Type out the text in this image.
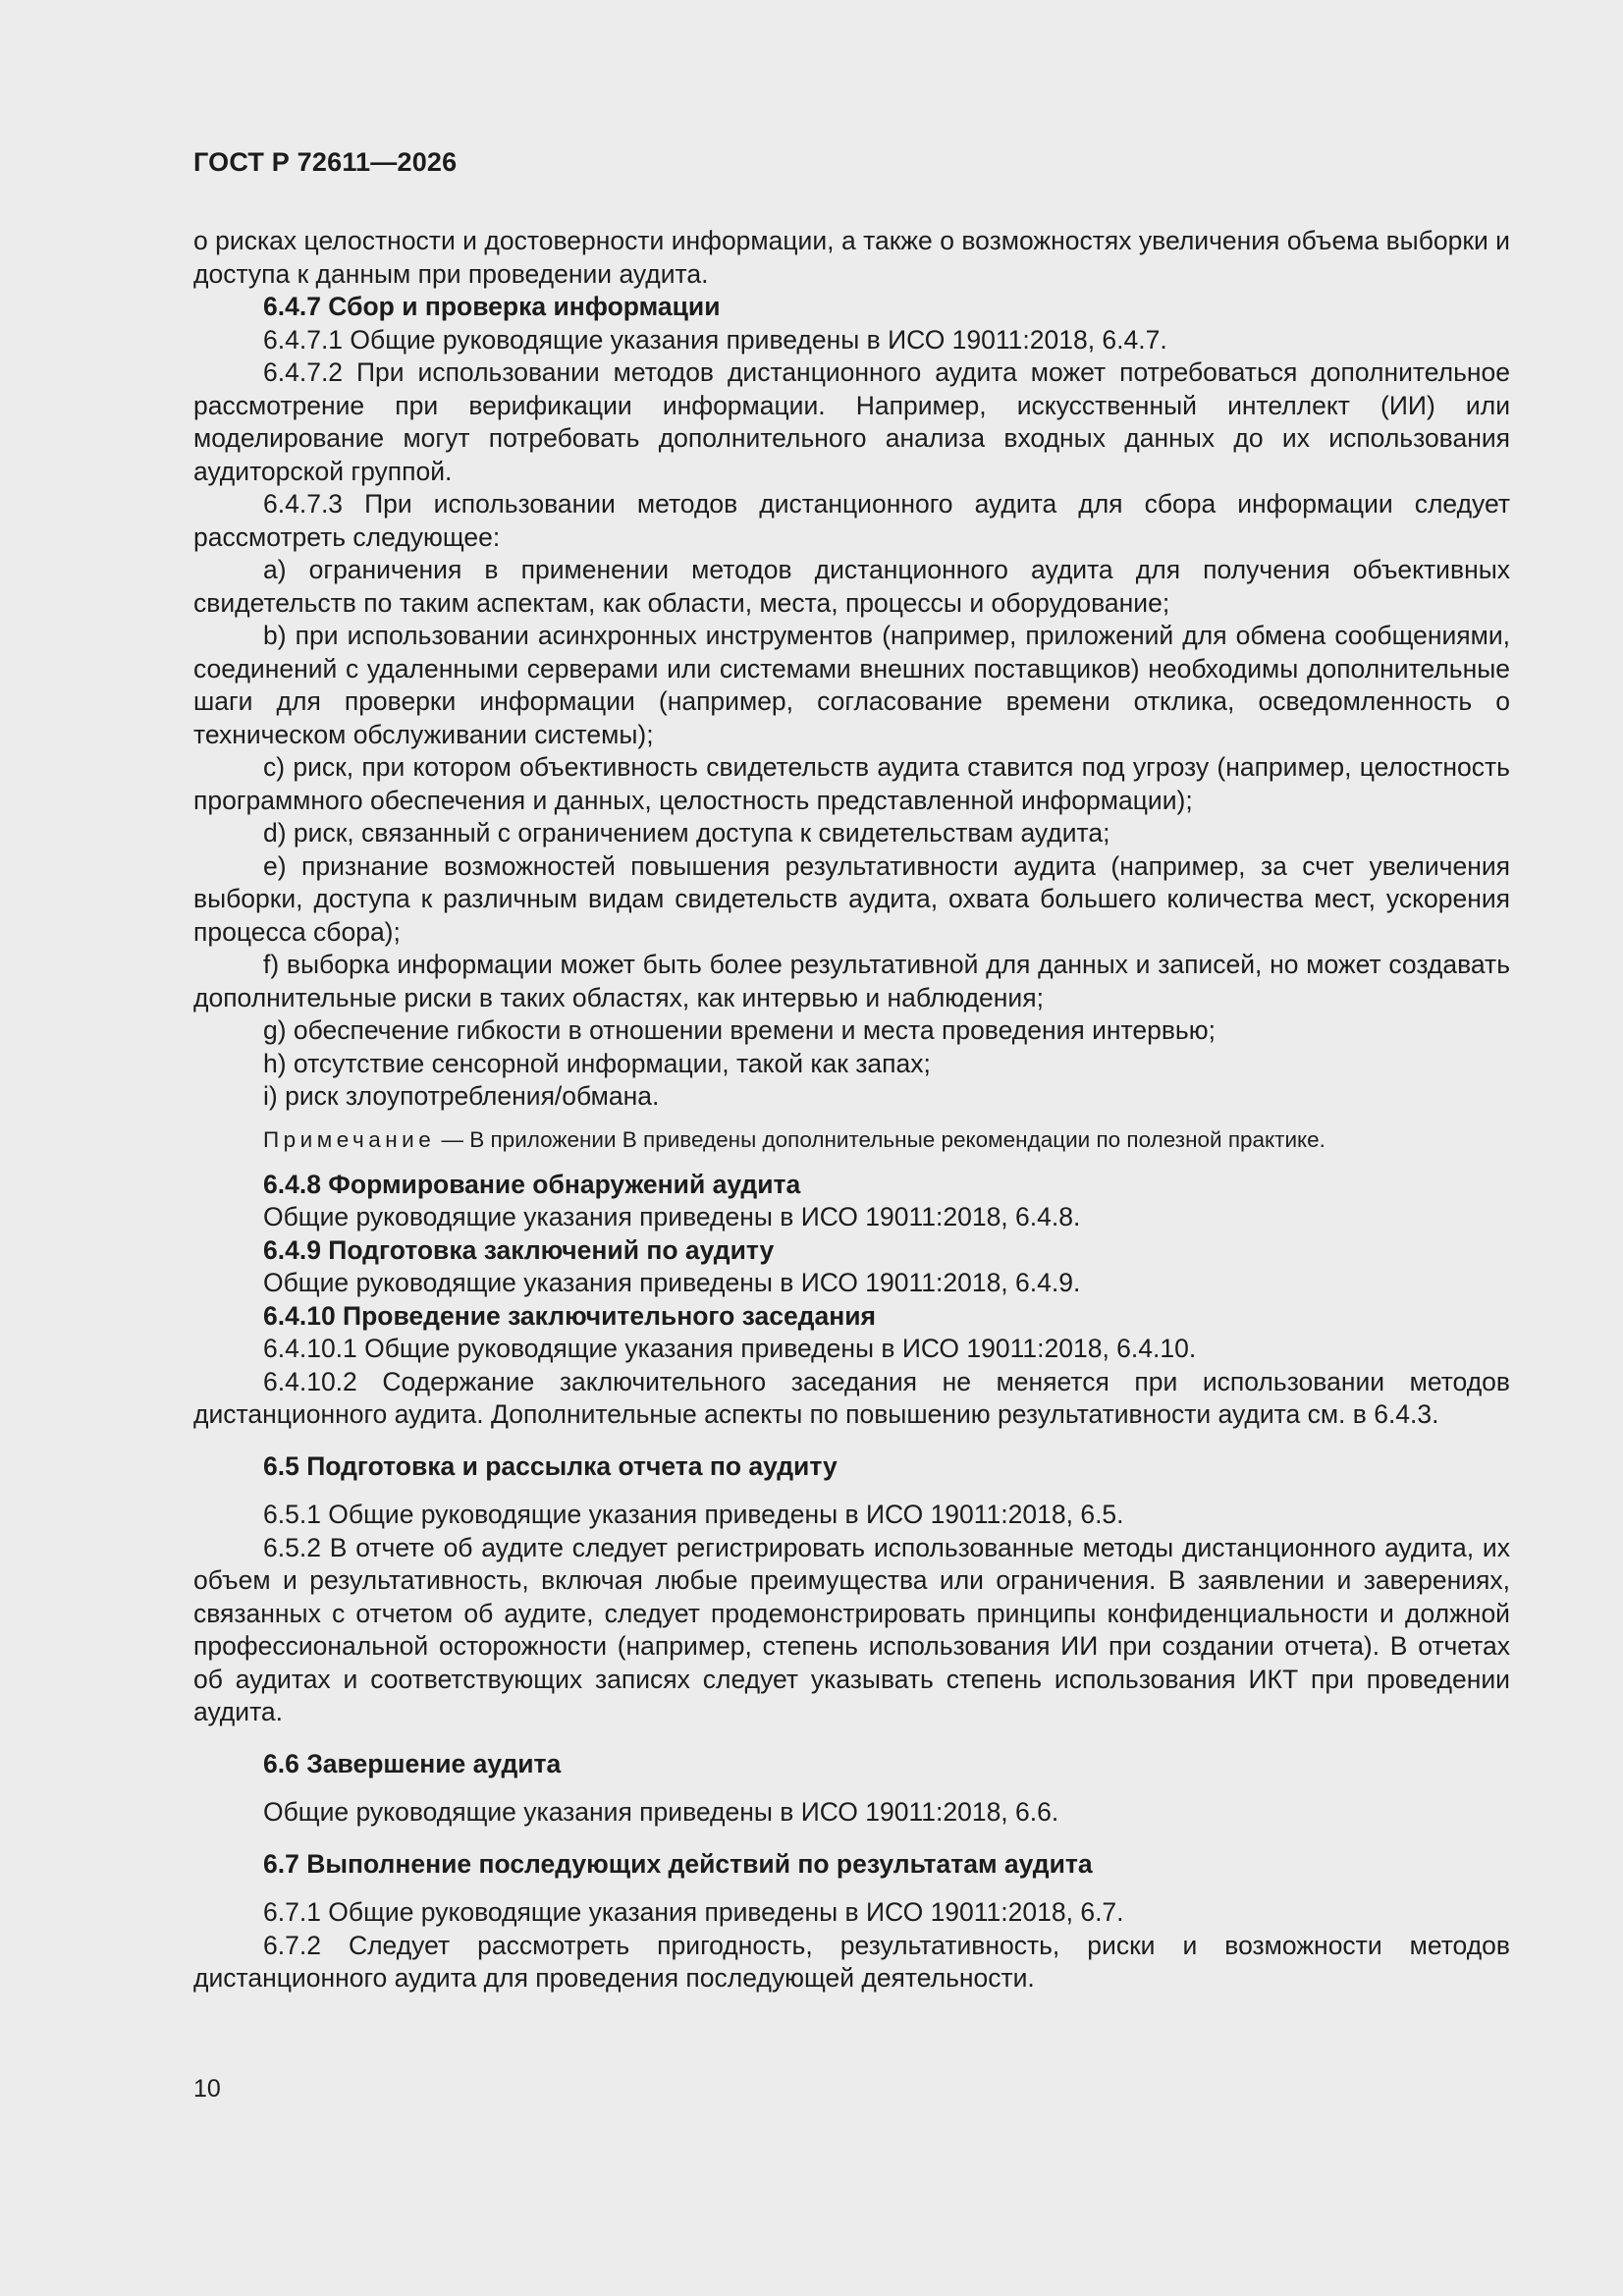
ГОСТ Р 72611—2026

о рисках целостности и достоверности информации, а также о возможностях увеличения объема выборки и доступа к данным при проведении аудита.

6.4.7 Сбор и проверка информации

6.4.7.1 Общие руководящие указания приведены в ИСО 19011:2018, 6.4.7.

6.4.7.2 При использовании методов дистанционного аудита может потребоваться дополнительное рассмотрение при верификации информации. Например, искусственный интеллект (ИИ) или моделирование могут потребовать дополнительного анализа входных данных до их использования аудиторской группой.

6.4.7.3 При использовании методов дистанционного аудита для сбора информации следует рассмотреть следующее:

a) ограничения в применении методов дистанционного аудита для получения объективных свидетельств по таким аспектам, как области, места, процессы и оборудование;

b) при использовании асинхронных инструментов (например, приложений для обмена сообщениями, соединений с удаленными серверами или системами внешних поставщиков) необходимы дополнительные шаги для проверки информации (например, согласование времени отклика, осведомленность о техническом обслуживании системы);

c) риск, при котором объективность свидетельств аудита ставится под угрозу (например, целостность программного обеспечения и данных, целостность представленной информации);

d) риск, связанный с ограничением доступа к свидетельствам аудита;

e) признание возможностей повышения результативности аудита (например, за счет увеличения выборки, доступа к различным видам свидетельств аудита, охвата большего количества мест, ускорения процесса сбора);

f) выборка информации может быть более результативной для данных и записей, но может создавать дополнительные риски в таких областях, как интервью и наблюдения;

g) обеспечение гибкости в отношении времени и места проведения интервью;

h) отсутствие сенсорной информации, такой как запах;

i) риск злоупотребления/обмана.

Примечание — В приложении В приведены дополнительные рекомендации по полезной практике.

6.4.8 Формирование обнаружений аудита

Общие руководящие указания приведены в ИСО 19011:2018, 6.4.8.

6.4.9 Подготовка заключений по аудиту

Общие руководящие указания приведены в ИСО 19011:2018, 6.4.9.

6.4.10 Проведение заключительного заседания

6.4.10.1 Общие руководящие указания приведены в ИСО 19011:2018, 6.4.10.

6.4.10.2 Содержание заключительного заседания не меняется при использовании методов дистанционного аудита. Дополнительные аспекты по повышению результативности аудита см. в 6.4.3.

6.5 Подготовка и рассылка отчета по аудиту

6.5.1 Общие руководящие указания приведены в ИСО 19011:2018, 6.5.

6.5.2 В отчете об аудите следует регистрировать использованные методы дистанционного аудита, их объем и результативность, включая любые преимущества или ограничения. В заявлении и заверениях, связанных с отчетом об аудите, следует продемонстрировать принципы конфиденциальности и должной профессиональной осторожности (например, степень использования ИИ при создании отчета). В отчетах об аудитах и соответствующих записях следует указывать степень использования ИКТ при проведении аудита.

6.6 Завершение аудита

Общие руководящие указания приведены в ИСО 19011:2018, 6.6.

6.7 Выполнение последующих действий по результатам аудита

6.7.1 Общие руководящие указания приведены в ИСО 19011:2018, 6.7.

6.7.2 Следует рассмотреть пригодность, результативность, риски и возможности методов дистанционного аудита для проведения последующей деятельности.

10
